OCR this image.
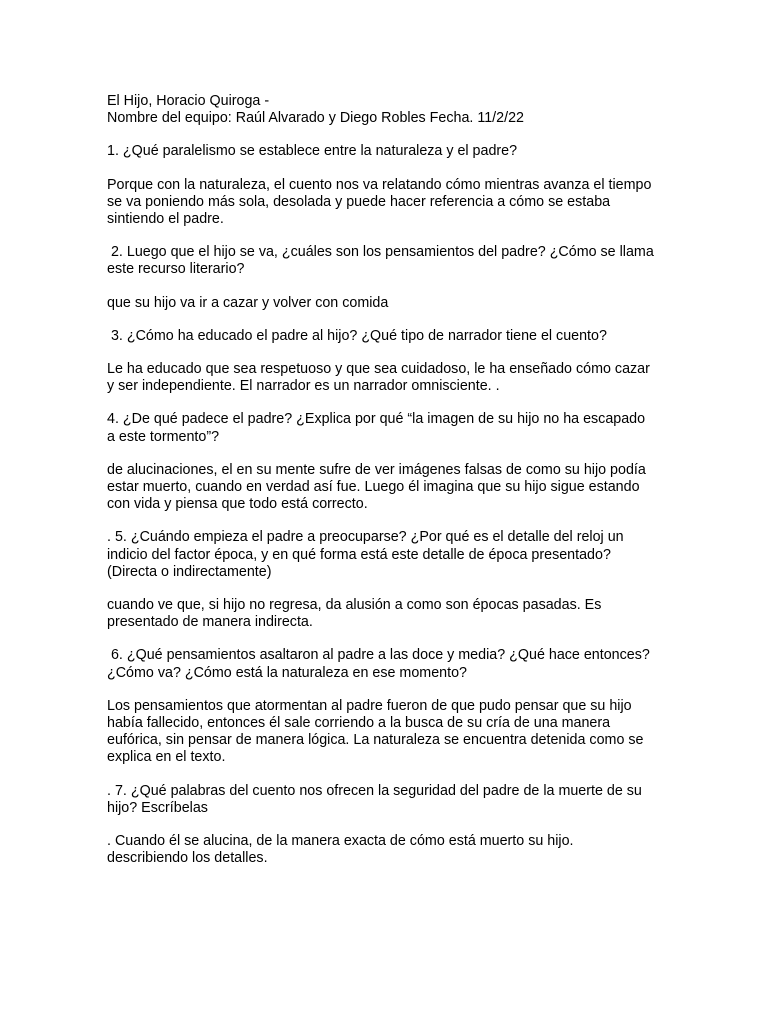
El Hijo, Horacio Quiroga -
Nombre del equipo: Raúl Alvarado y Diego Robles Fecha. 11/2/22
1. ¿Qué paralelismo se establece entre la naturaleza y el padre?
Porque con la naturaleza, el cuento nos va relatando cómo mientras avanza el tiempo
se va poniendo más sola, desolada y puede hacer referencia a cómo se estaba
sintiendo el padre.
2. Luego que el hijo se va, ¿cuáles son los pensamientos del padre? ¿Cómo se llama
este recurso literario?
que su hijo va ir a cazar y volver con comida
3. ¿Cómo ha educado el padre al hijo? ¿Qué tipo de narrador tiene el cuento?
Le ha educado que sea respetuoso y que sea cuidadoso, le ha enseñado cómo cazar
y ser independiente. El narrador es un narrador omnisciente. .
4. ¿De qué padece el padre? ¿Explica por qué “la imagen de su hijo no ha escapado
a este tormento”?
de alucinaciones, el en su mente sufre de ver imágenes falsas de como su hijo podía
estar muerto, cuando en verdad así fue. Luego él imagina que su hijo sigue estando
con vida y piensa que todo está correcto.
. 5. ¿Cuándo empieza el padre a preocuparse? ¿Por qué es el detalle del reloj un
indicio del factor época, y en qué forma está este detalle de época presentado?
(Directa o indirectamente)
cuando ve que, si hijo no regresa, da alusión a como son épocas pasadas. Es
presentado de manera indirecta.
6. ¿Qué pensamientos asaltaron al padre a las doce y media? ¿Qué hace entonces?
¿Cómo va? ¿Cómo está la naturaleza en ese momento?
Los pensamientos que atormentan al padre fueron de que pudo pensar que su hijo
había fallecido, entonces él sale corriendo a la busca de su cría de una manera
eufórica, sin pensar de manera lógica. La naturaleza se encuentra detenida como se
explica en el texto.
. 7. ¿Qué palabras del cuento nos ofrecen la seguridad del padre de la muerte de su
hijo? Escríbelas
. Cuando él se alucina, de la manera exacta de cómo está muerto su hijo.
describiendo los detalles.
